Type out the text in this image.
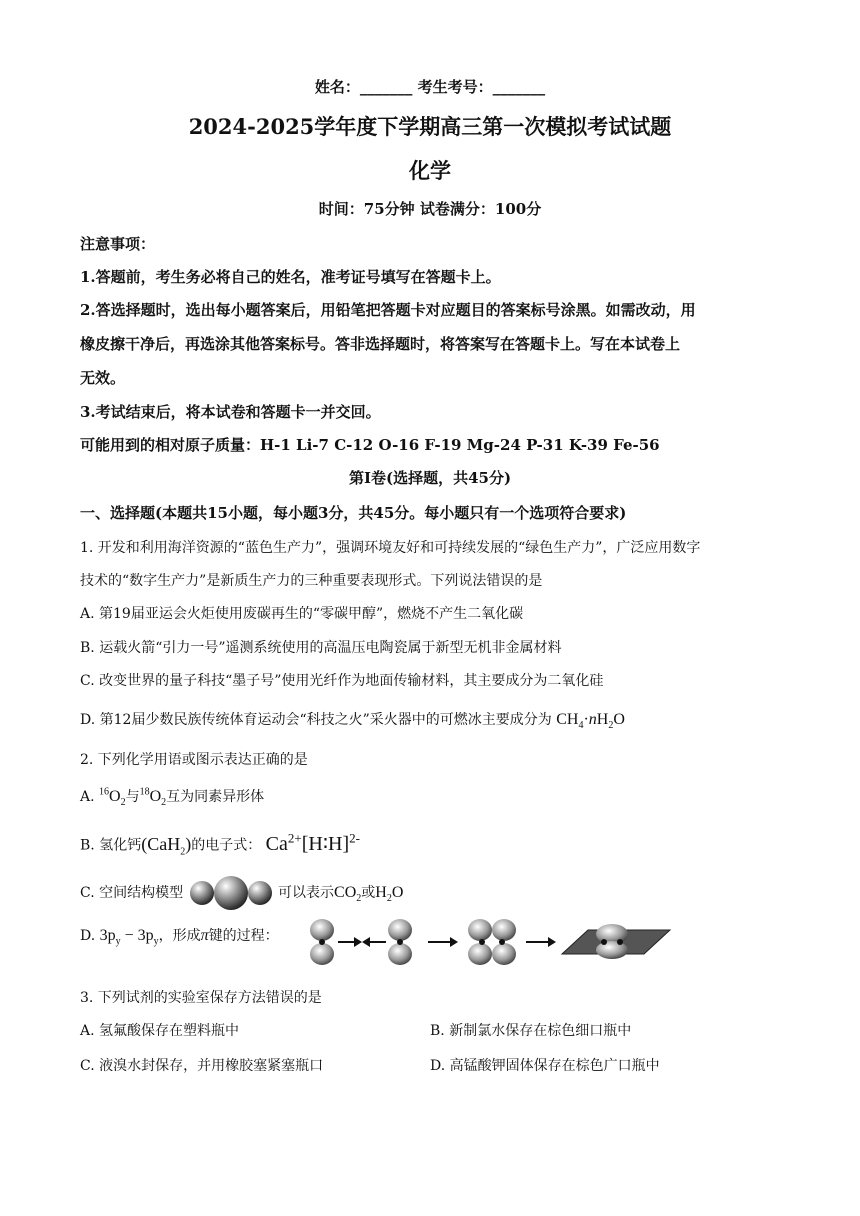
姓名：_______ 考生考号：_______
2024-2025学年度下学期高三第一次模拟考试试题
化学
时间：75分钟 试卷满分：100分
注意事项：
1.答题前，考生务必将自己的姓名，准考证号填写在答题卡上。
2.答选择题时，选出每小题答案后，用铅笔把答题卡对应题目的答案标号涂黑。如需改动，用
橡皮擦干净后，再选涂其他答案标号。答非选择题时，将答案写在答题卡上。写在本试卷上
无效。
3.考试结束后，将本试卷和答题卡一并交回。
可能用到的相对原子质量：H-1 Li-7 C-12 O-16 F-19 Mg-24 P-31 K-39 Fe-56
第Ⅰ卷(选择题，共45分)
一、选择题(本题共15小题，每小题3分，共45分。每小题只有一个选项符合要求)
1. 开发和利用海洋资源的“蓝色生产力”，强调环境友好和可持续发展的“绿色生产力”，广泛应用数字
技术的“数字生产力”是新质生产力的三种重要表现形式。下列说法错误的是
A. 第19届亚运会火炬使用废碳再生的“零碳甲醇”，燃烧不产生二氧化碳
B. 运载火箭“引力一号”遥测系统使用的高温压电陶瓷属于新型无机非金属材料
C. 改变世界的量子科技“墨子号”使用光纤作为地面传输材料，其主要成分为二氧化硅
D. 第12届少数民族传统体育运动会“科技之火”采火器中的可燃冰主要成分为 $CH_4\cdot nH_2O$
2. 下列化学用语或图示表达正确的是
A. $^{16}O_2$与$^{18}O_2$互为同素异形体
B. 氢化钙(CaH$_2$)的电子式： $Ca^{2+}[H∶H]^{2-}$
C. 空间结构模型	可以表示$CO_2$或$H_2O$
D. $3p_y - 3p_y$，形成π键的过程：
3. 下列试剂的实验室保存方法错误的是
A. 氢氟酸保存在塑料瓶中	B. 新制氯水保存在棕色细口瓶中
C. 液溴水封保存，并用橡胶塞紧塞瓶口	D. 高锰酸钾固体保存在棕色广口瓶中
